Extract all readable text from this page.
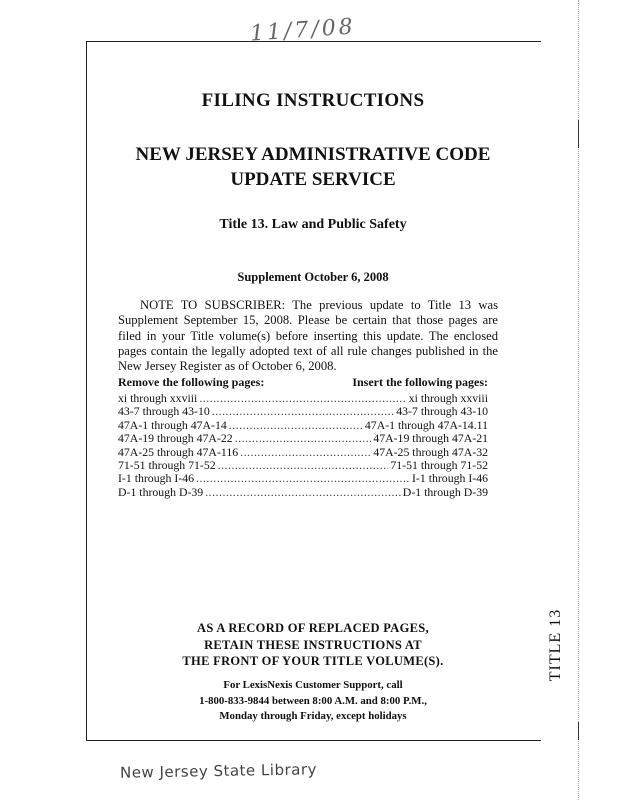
11/7/08
FILING INSTRUCTIONS
NEW JERSEY ADMINISTRATIVE CODE
UPDATE SERVICE
Title 13. Law and Public Safety
Supplement October 6, 2008
NOTE TO SUBSCRIBER: The previous update to Title 13 was Supplement September 15, 2008. Please be certain that those pages are filed in your Title volume(s) before inserting this update. The enclosed pages contain the legally adopted text of all rule changes published in the New Jersey Register as of October 6, 2008.
Remove the following pages:	Insert the following pages:
xi through xxviii .....	xi through xxviii
43-7 through 43-10 .....	43-7 through 43-10
47A-1 through 47A-14 .....	47A-1 through 47A-14.11
47A-19 through 47A-22 .....	47A-19 through 47A-21
47A-25 through 47A-116 .....	47A-25 through 47A-32
71-51 through 71-52 .....	71-51 through 71-52
I-1 through I-46 .....	I-1 through I-46
D-1 through D-39 .....	D-1 through D-39
AS A RECORD OF REPLACED PAGES,
RETAIN THESE INSTRUCTIONS AT
THE FRONT OF YOUR TITLE VOLUME(S).
For LexisNexis Customer Support, call
1-800-833-9844 between 8:00 A.M. and 8:00 P.M.,
Monday through Friday, except holidays
TITLE 13
New Jersey State Library
